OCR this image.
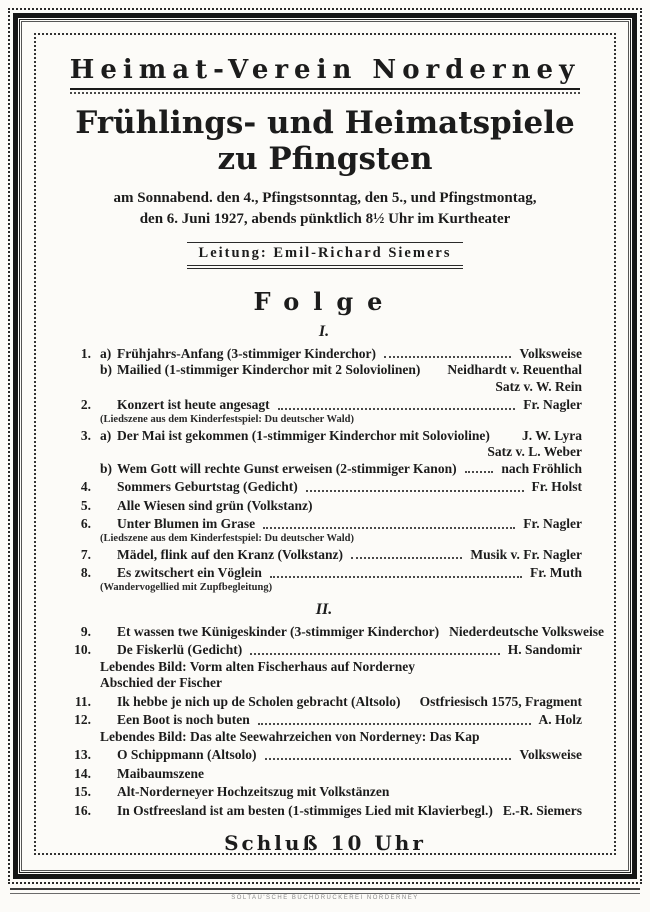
Heimat-Verein Norderney
Frühlings- und Heimatspiele
zu Pfingsten
am Sonnabend. den 4., Pfingstsonntag, den 5., und Pfingstmontag,
den 6. Juni 1927, abends pünktlich 8½ Uhr im Kurtheater
Leitung: Emil-Richard Siemers
Folge
I.
1. a) Frühjahrs-Anfang (3-stimmiger Kinderchor)	Volksweise
b) Mailied (1-stimmiger Kinderchor mit 2 Soloviolinen) Neidhardt v. Reuenthal
Satz v. W. Rein
2.	Konzert ist heute angesagt	Fr. Nagler
(Liedszene aus dem Kinderfestspiel: Du deutscher Wald)
3. a) Der Mai ist gekommen (1-stimmiger Kinderchor mit Solovioline) J. W. Lyra
Satz v. L. Weber
b) Wem Gott will rechte Gunst erweisen (2-stimmiger Kanon)	nach Fröhlich
4.	Sommers Geburtstag (Gedicht)	Fr. Holst
5.	Alle Wiesen sind grün (Volkstanz)
6.	Unter Blumen im Grase	Fr. Nagler
(Liedszene aus dem Kinderfestspiel: Du deutscher Wald)
7.	Mädel, flink auf den Kranz (Volkstanz)	Musik v. Fr. Nagler
8.	Es zwitschert ein Vöglein	Fr. Muth
(Wandervogellied mit Zupfbegleitung)
II.
9.	Et wassen twe Künigeskinder (3-stimmiger Kinderchor) Niederdeutsche Volksweise
10.	De Fiskerlü (Gedicht)	H. Sandomir
Lebendes Bild: Vorm alten Fischerhaus auf Norderney
Abschied der Fischer
11.	Ik hebbe je nich up de Scholen gebracht (Altsolo) Ostfriesisch 1575, Fragment
12.	Een Boot is noch buten	A. Holz
Lebendes Bild: Das alte Seewahrzeichen von Norderney: Das Kap
13.	O Schippmann (Altsolo)	Volksweise
14.	Maibaumszene
15.	Alt-Norderneyer Hochzeitszug mit Volkstänzen
16.	In Ostfreesland ist am besten (1-stimmiges Lied mit Klavierbegl.) E.-R. Siemers
Schluß 10 Uhr
SOLTAU'SCHE BUCHDRUCKEREI NORDERNEY
